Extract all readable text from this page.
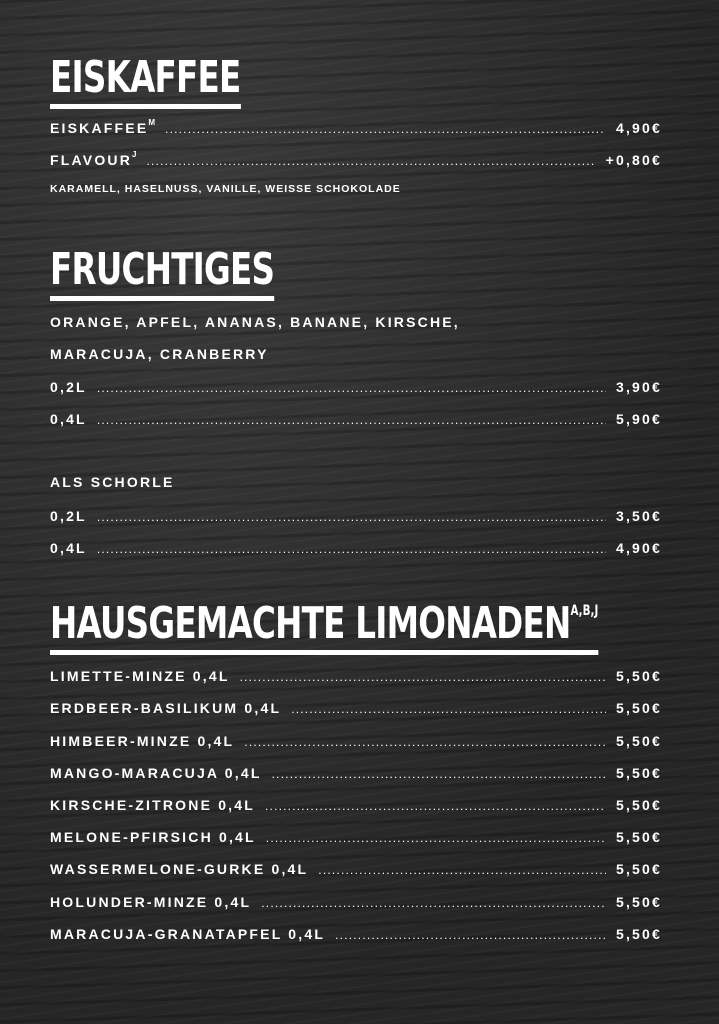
EISKAFFEE
$EISKAFFEE^M$ .....	4,90€
$FLAVOUR^J$ .....	+0,80€
KARAMELL, HASELNUSS, VANILLE, WEISSE SCHOKOLADE
FRUCHTIGES
ORANGE, APFEL, ANANAS, BANANE, KIRSCHE,
MARACUJA, CRANBERRY
0,2L .....	3,90€
0,4L .....	5,90€
ALS SCHORLE
0,2L .....	3,50€
0,4L .....	4,90€
HAUSGEMACHTE $LIMONADEN^{A,B,J}$
LIMETTE-MINZE 0,4L .....	5,50€
ERDBEER-BASILIKUM 0,4L .....	5,50€
HIMBEER-MINZE 0,4L .....	5,50€
MANGO-MARACUJA 0,4L .....	5,50€
KIRSCHE-ZITRONE 0,4L .....	5,50€
MELONE-PFIRSICH 0,4L .....	5,50€
WASSERMELONE-GURKE 0,4L .....	5,50€
HOLUNDER-MINZE 0,4L .....	5,50€
MARACUJA-GRANATAPFEL 0,4L .....	5,50€
